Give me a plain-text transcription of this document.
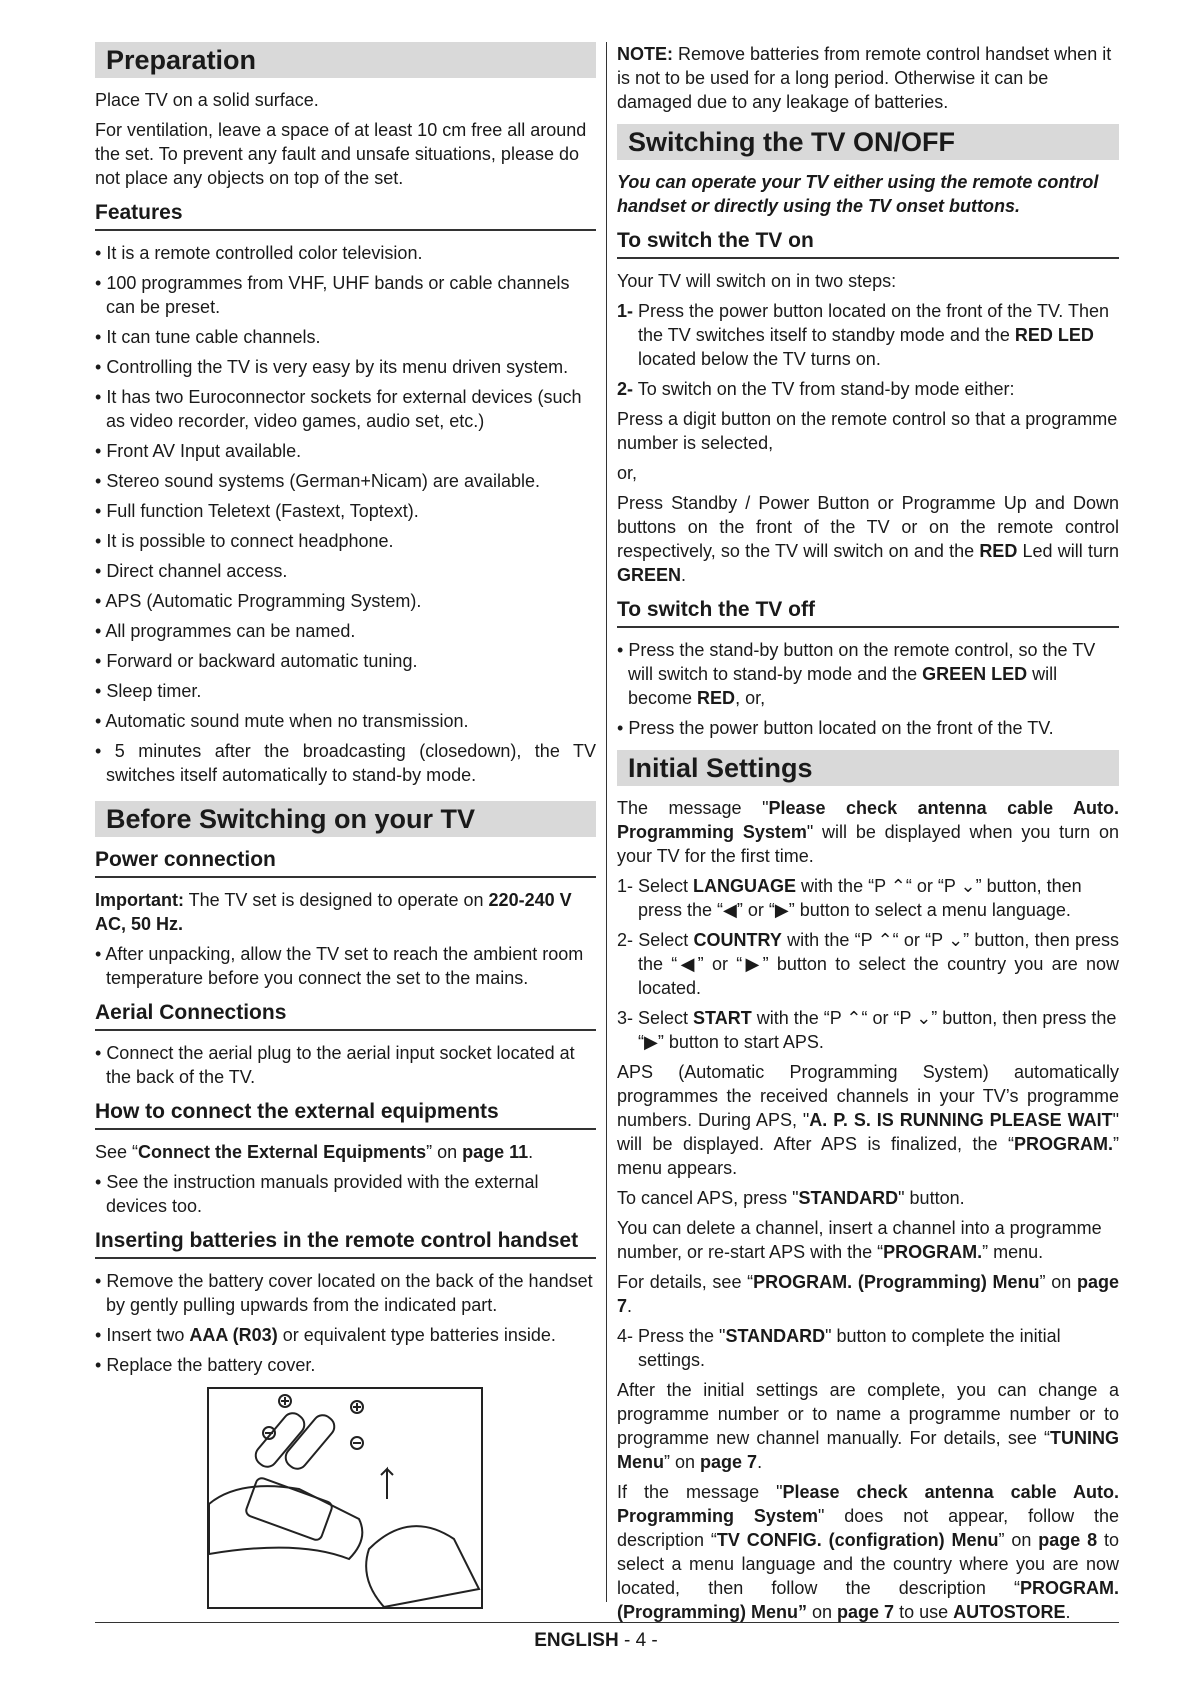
Preparation

Place TV on a solid surface.

For ventilation, leave a space of at least 10 cm free all around the set. To prevent any fault and unsafe situations, please do not place any objects on top of the set.

Features
• It is a remote controlled color television.
• 100 programmes from VHF, UHF bands or cable channels can be preset.
• It can tune cable channels.
• Controlling the TV is very easy by its menu driven system.
• It has two Euroconnector sockets for external devices (such as video recorder, video games, audio set, etc.)
• Front AV Input available.
• Stereo sound systems (German+Nicam) are available.
• Full function Teletext (Fastext, Toptext).
• It is possible to connect headphone.
• Direct channel access.
• APS (Automatic Programming System).
• All programmes can be named.
• Forward or backward automatic tuning.
• Sleep timer.
• Automatic sound mute when no transmission.
• 5 minutes after the broadcasting (closedown), the TV switches itself automatically to stand-by mode.
Before Switching on your TV
Power connection

Important: The TV set is designed to operate on 220-240 V AC, 50 Hz.

• After unpacking, allow the TV set to reach the ambient room temperature before you connect the set to the mains.
Aerial Connections
• Connect the aerial plug to the aerial input socket located at the back of the TV.
How to connect the external equipments

See “Connect the External Equipments” on page 11.

• See the instruction manuals provided with the external devices too.
Inserting batteries in the remote control handset
• Remove the battery cover located on the back of the handset by gently pulling upwards from the indicated part.
• Insert two AAA (R03) or equivalent type batteries inside.
• Replace the battery cover.

NOTE: Remove batteries from remote control handset when it is not to be used for a long period. Otherwise it can be damaged due to any leakage of batteries.

Switching the TV ON/OFF

You can operate your TV either using the remote control handset or directly using the TV onset buttons.

To switch the TV on

Your TV will switch on in two steps:

1- Press the power button located on the front of the TV. Then the TV switches itself to standby mode and the RED LED located below the TV turns on.

2- To switch on the TV from stand-by mode either:

Press a digit button on the remote control so that a programme number is selected,

or,

Press Standby / Power Button or Programme Up and Down buttons on the front of the TV or on the remote control respectively, so the TV will switch on and the RED Led will turn GREEN.

To switch the TV off
• Press the stand-by button on the remote control, so the TV will switch to stand-by mode and the GREEN LED will become RED, or,
• Press the power button located on the front of the TV.
Initial Settings

The message "Please check antenna cable Auto. Programming System" will be displayed when you turn on your TV for the first time.

1- Select LANGUAGE with the “P ⌃“ or “P ⌄” button, then press the “◀” or “▶” button to select a menu language.

2- Select COUNTRY with the “P ⌃“ or “P ⌄” button, then press the “◀” or “▶” button to select the country you are now located.

3- Select START with the “P ⌃“ or “P ⌄” button, then press the “▶” button to start APS.

APS (Automatic Programming System) automatically programmes the received channels in your TV’s programme numbers. During APS, "A. P. S. IS RUNNING PLEASE WAIT" will be displayed. After APS is finalized, the “PROGRAM.” menu appears.

To cancel APS, press "STANDARD" button.

You can delete a channel, insert a channel into a programme number, or re-start APS with the “PROGRAM.” menu.

For details, see “PROGRAM. (Programming) Menu” on page 7.

4- Press the "STANDARD" button to complete the initial settings.

After the initial settings are complete, you can change a programme number or to name a programme number or to programme new channel manually. For details, see “TUNING Menu” on page 7.

If the message "Please check antenna cable Auto. Programming System" does not appear, follow the description “TV CONFIG. (configration) Menu” on page 8 to select a menu language and the country where you are now located, then follow the description “PROGRAM. (Programming) Menu” on page 7 to use AUTOSTORE.

ENGLISH - 4 -
